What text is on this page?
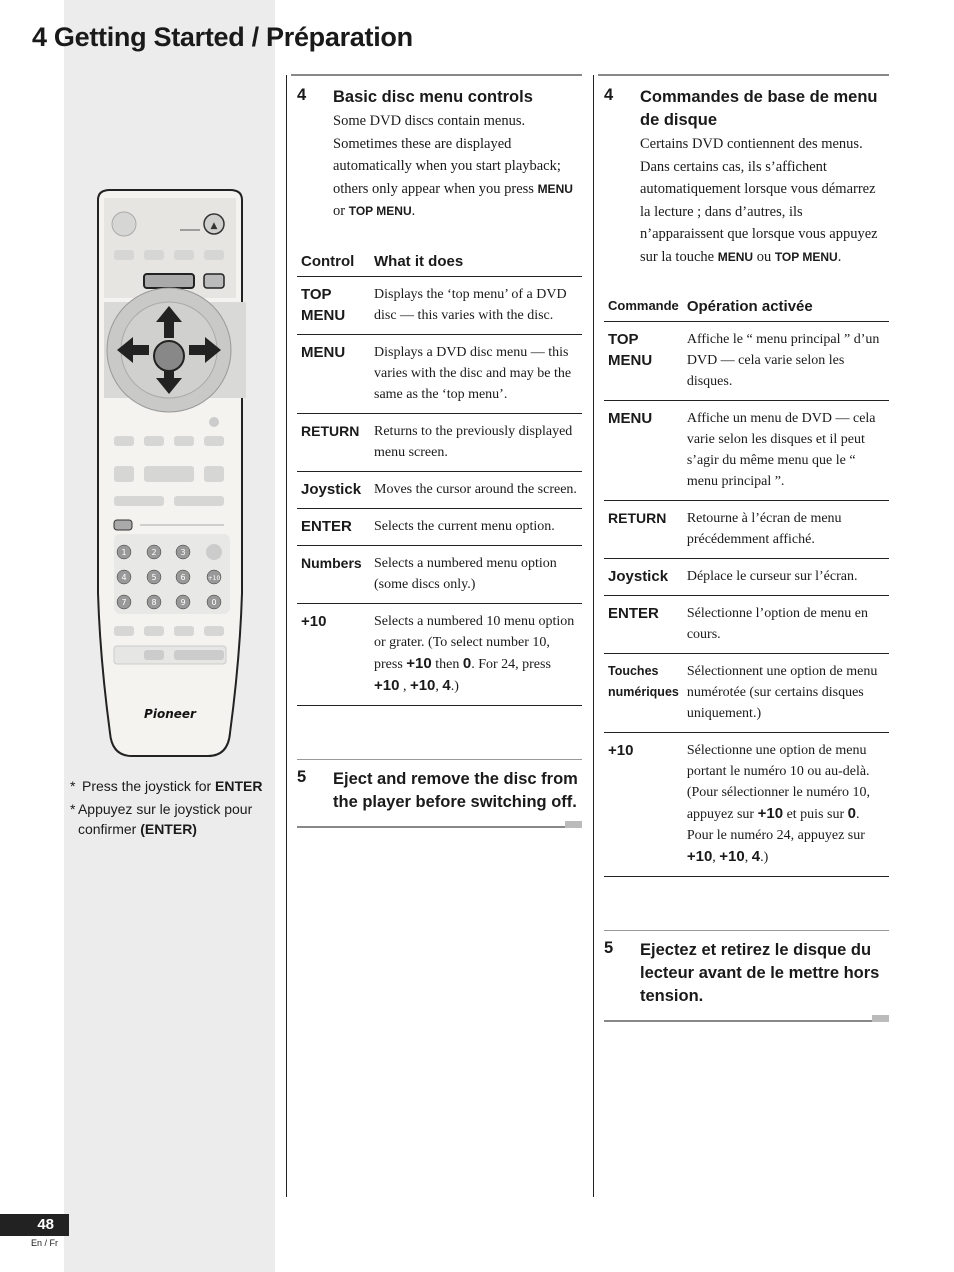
4 Getting Started / Préparation
▲
1	2	3
4	5	6	+10
7	8	9	0
Pioneer
* Press the joystick for ENTER
* Appuyez sur le joystick pour confirmer (ENTER)
4	Basic disc menu controls
Some DVD discs contain menus. Sometimes these are displayed automatically when you start playback; others only appear when you press MENU or TOP MENU.
Control	What it does
TOP MENU	Displays the ‘top menu’ of a DVD disc — this varies with the disc.
MENU	Displays a DVD disc menu — this varies with the disc and may be the same as the ‘top menu’.
RETURN	Returns to the previously displayed menu screen.
Joystick	Moves the cursor around the screen.
ENTER	Selects the current menu option.
Numbers	Selects a numbered menu option (some discs only.)
+10	Selects a numbered 10 menu option or grater. (To select number 10, press +10 then 0. For 24, press +10 , +10, 4.)
5	Eject and remove the disc from the player before switching off.
4	Commandes de base de menu de disque
Certains DVD contiennent des menus. Dans certains cas, ils s’affichent automatiquement lorsque vous démarrez la lecture ; dans d’autres, ils n’apparaissent que lorsque vous appuyez sur la touche MENU ou TOP MENU.
Commande	Opération activée
TOP MENU	Affiche le “ menu principal ” d’un DVD — cela varie selon les disques.
MENU	Affiche un menu de DVD — cela varie selon les disques et il peut s’agir du même menu que le “ menu principal ”.
RETURN	Retourne à l’écran de menu précédemment affiché.
Joystick	Déplace le curseur sur l’écran.
ENTER	Sélectionne l’option de menu en cours.
Touches numériques	Sélectionnent une option de menu numérotée (sur certains disques uniquement.)
+10	Sélectionne une option de menu portant le numéro 10 ou au-delà. (Pour sélectionner le numéro 10, appuyez sur +10 et puis sur 0. Pour le numéro 24, appuyez sur +10, +10, 4.)
5	Ejectez et retirez le disque du lecteur avant de le mettre hors tension.
48
En / Fr
